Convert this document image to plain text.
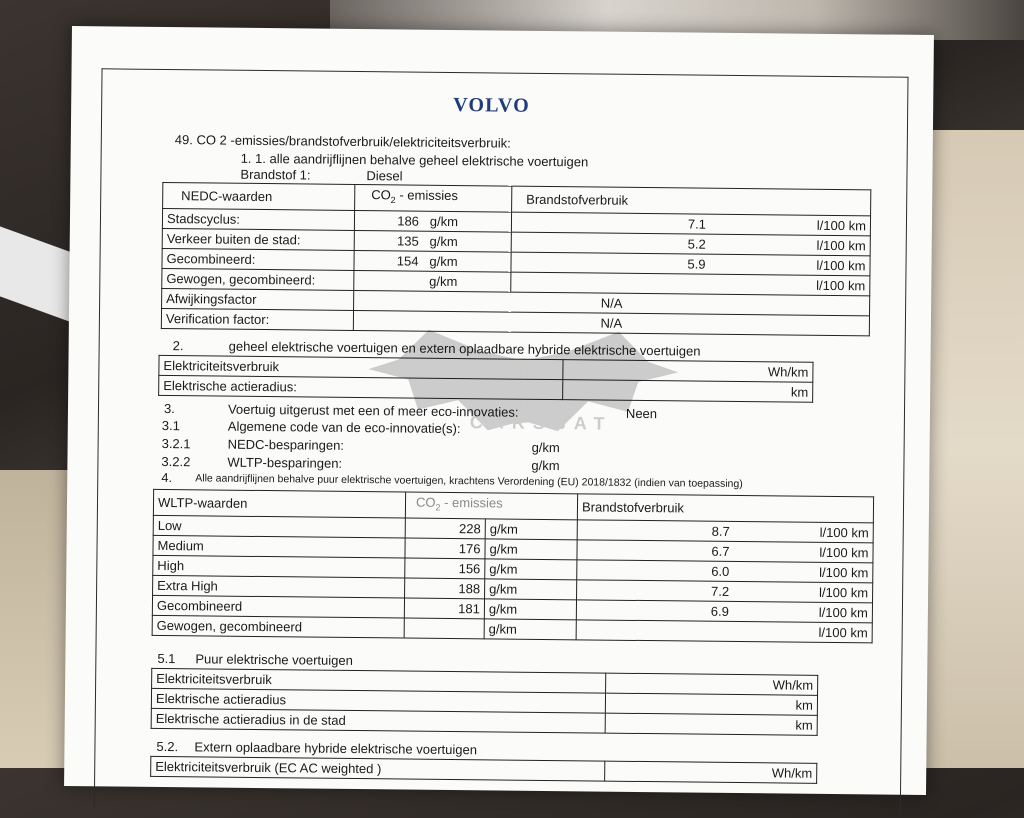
VOLVO
49. CO 2 -emissies/brandstofverbruik/elektriciteitsverbruik:
1. 1. alle aandrijflijnen behalve geheel elektrische voertuigen
Brandstof 1:	Diesel
NEDC-waarden	$CO_2$ - emissies	Brandstofverbruik
Stadscyclus:	186 g/km	7.1 l/100 km

Verkeer buiten de stad:	135 g/km	5.2 l/100 km

Gecombineerd:	154 g/km	5.9 l/100 km

Gewogen, gecombineerd:	g/km	l/100 km

Afwijkingsfactor	N/A	
Verification factor:	N/A	
2.	geheel elektrische voertuigen en extern oplaadbare hybride elektrische voertuigen
Elektriciteitsverbruik	Wh/km
Elektrische actieradius:	km
3.	Voertuig uitgerust met een of meer eco-innovaties:	Neen
3.1	Algemene code van de eco-innovatie(s):
3.2.1	NEDC-besparingen:	g/km
3.2.2	WLTP-besparingen:	g/km
4. Alle aandrijflijnen behalve puur elektrische voertuigen, krachtens Verordening (EU) 2018/1832 (indien van toepassing)
WLTP-waarden	$CO_2$ - emissies		Brandstofverbruik
Low	228	g/km	8.7 l/100 km

Medium	176	g/km	6.7 l/100 km

High	156	g/km	6.0 l/100 km

Extra High	188	g/km	7.2 l/100 km

Gecombineerd	181	g/km	6.9 l/100 km

Gewogen, gecombineerd		g/km	l/100 km
5.1 Puur elektrische voertuigen
Elektriciteitsverbruik	Wh/km
Elektrische actieradius	km
Elektrische actieradius in de stad	km
5.2. Extern oplaadbare hybride elektrische voertuigen
Elektriciteitsverbruik (EC AC weighted )	Wh/km
CARSBAT
